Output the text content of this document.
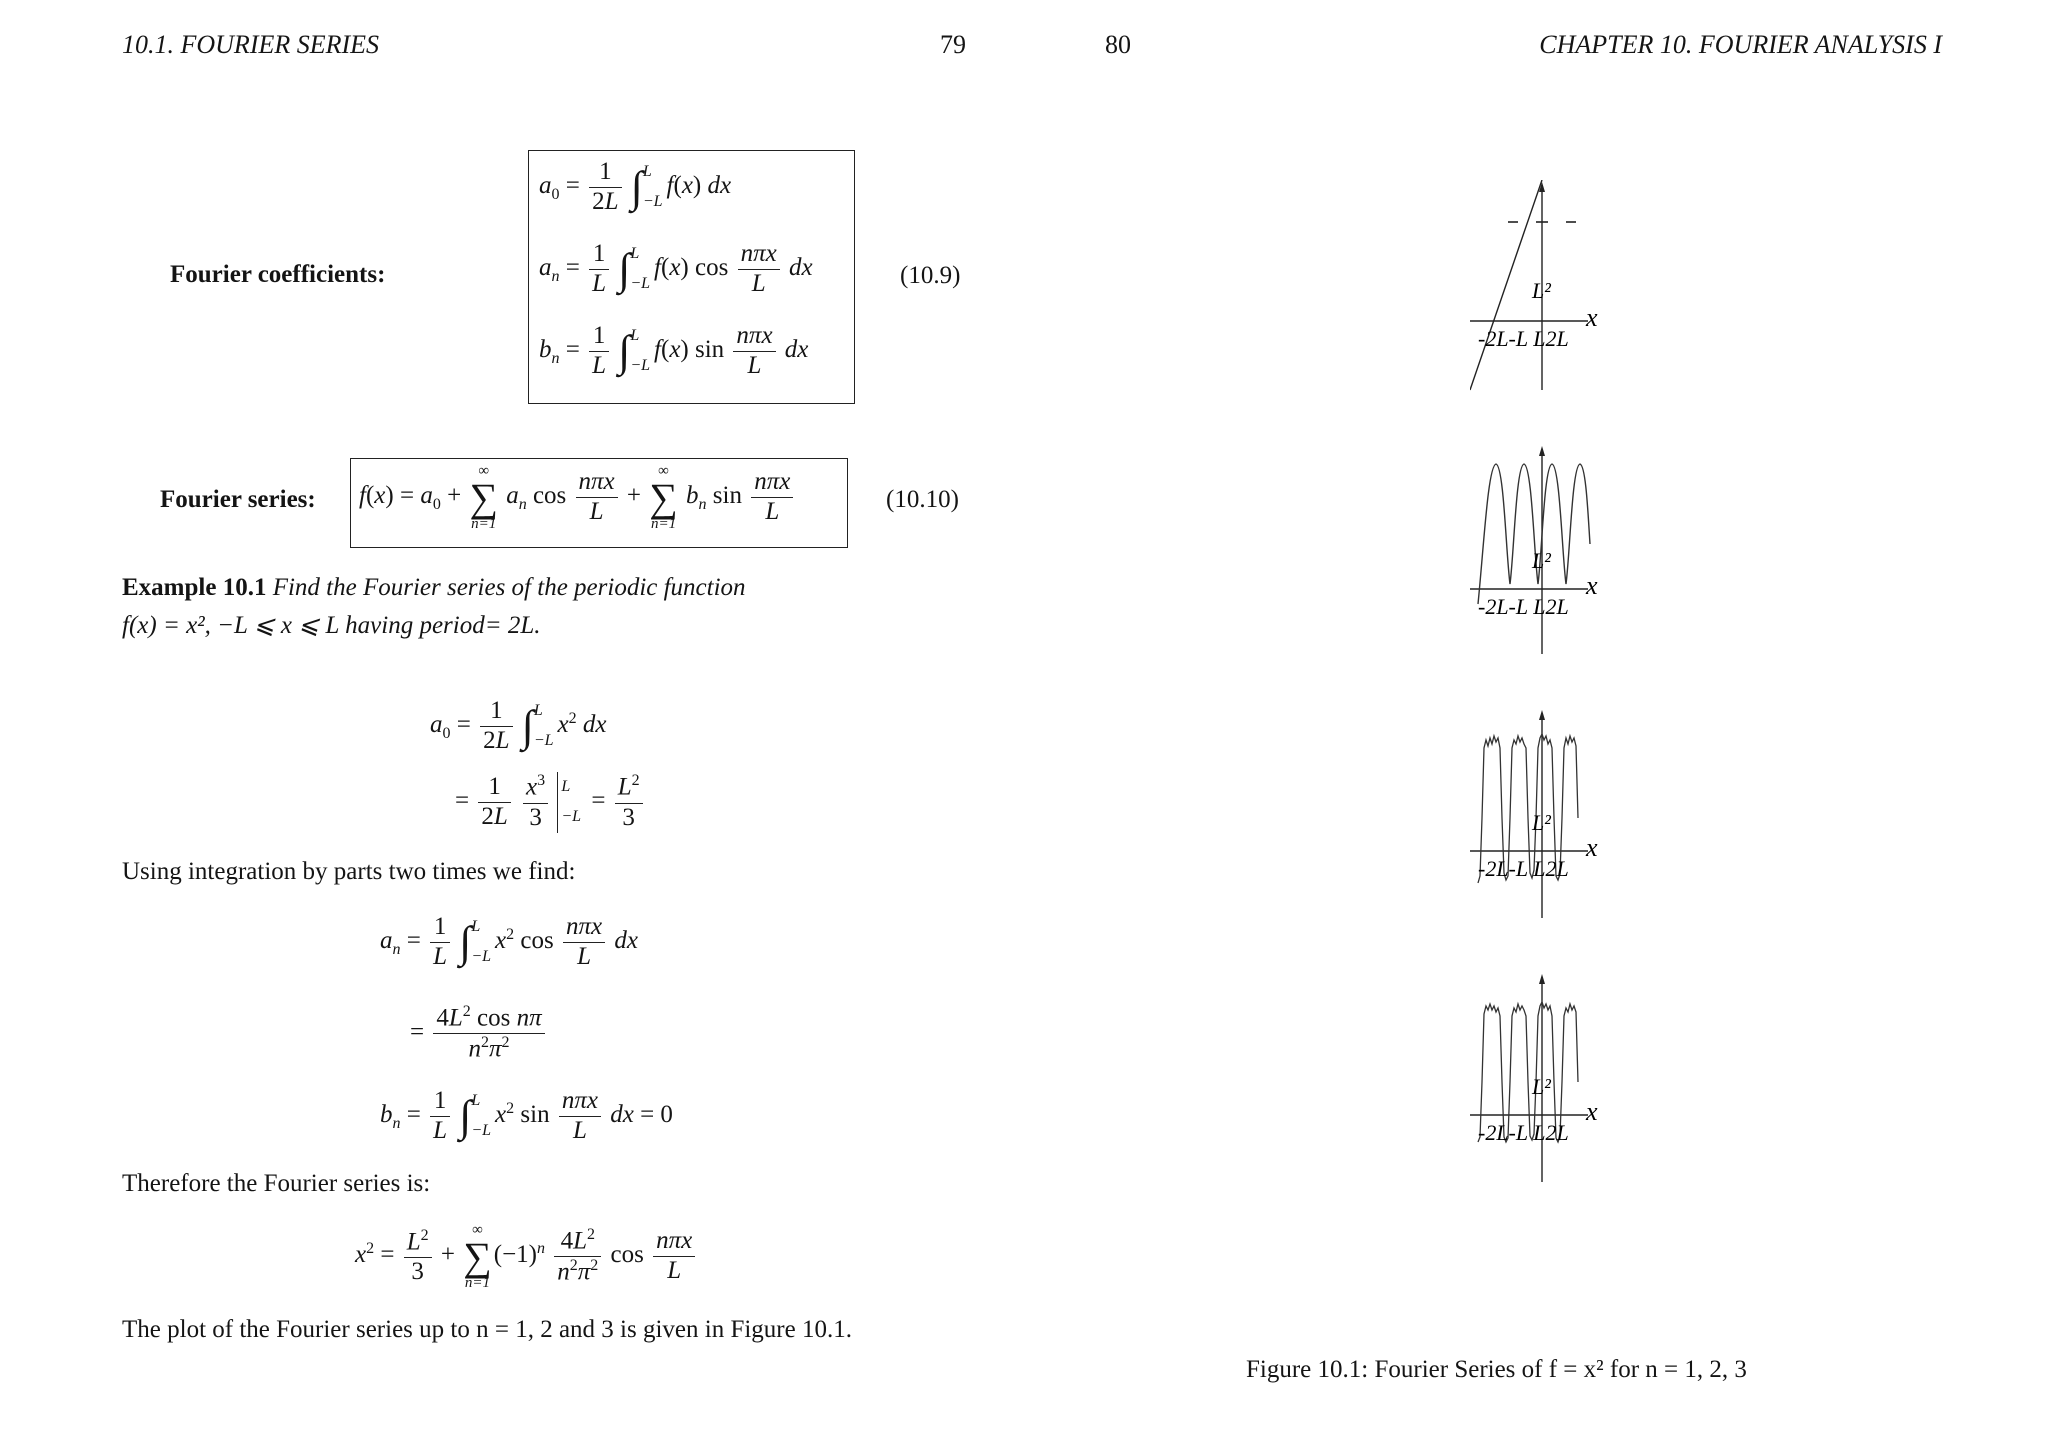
10.1. FOURIER SERIES	79	80	CHAPTER 10. FOURIER ANALYSIS I
Fourier coefficients:
$a_0 = \frac{1}{2L}$ ∫ L
−L
f(x) dx
$a_n = \frac{1}{L}$ ∫ L
−L
f(x) $\cos \frac{\text{nπx}}{L}$ dx
$b_n = \frac{1}{L}$ ∫ L
−L
f(x) $\sin \frac{\text{nπx}}{L}$ dx
(10.9)
Fourier series: $f(x) = a_0$ +
∞
∑
n=1
$a_n$ $\cos \frac{\text{nπx}}{L}$ +
∞
∑
n=1
$b_n$ $\sin \frac{\text{nπx}}{L}$	(10.10)
Example 10.1 Find the Fourier series of the periodic function
f(x) = x², −L ⩽ x ⩽ L having period= 2L.
$a_0 = \frac{1}{2L}$ ∫ L
−L
$x^2$ dx
= $\frac{1}{2L}$
$\frac{x^3}{3}$
L
−L
= $\frac{L^2}{3}$
Using integration by parts two times we find:
$a_n = \frac{1}{L}$ ∫ L
−L
$x^2$ $\cos \frac{\text{nπx}}{L}$ dx
= $\frac{4L^2 \cos n\pi}{n^2\pi^2}$
$b_n = \frac{1}{L}$ ∫ L
−L
$x^2$ $\sin \frac{\text{nπx}}{L}$ dx = 0
Therefore the Fourier series is:
$x^2 = \frac{L^2}{3}$ +
∞
∑
n=1
$(-1)^n \frac{4L^2}{n^2\pi^2}$ $\cos \frac{\text{nπx}}{L}$
The plot of the Fourier series up to n = 1, 2 and 3 is given in Figure 10.1.
L²
x
-2L-L L2L
L²
x
-2L-L L2L
L²
x
-2L-L L2L
L²
x
-2L-L L2L
Figure 10.1: Fourier Series of f = x² for n = 1, 2, 3
